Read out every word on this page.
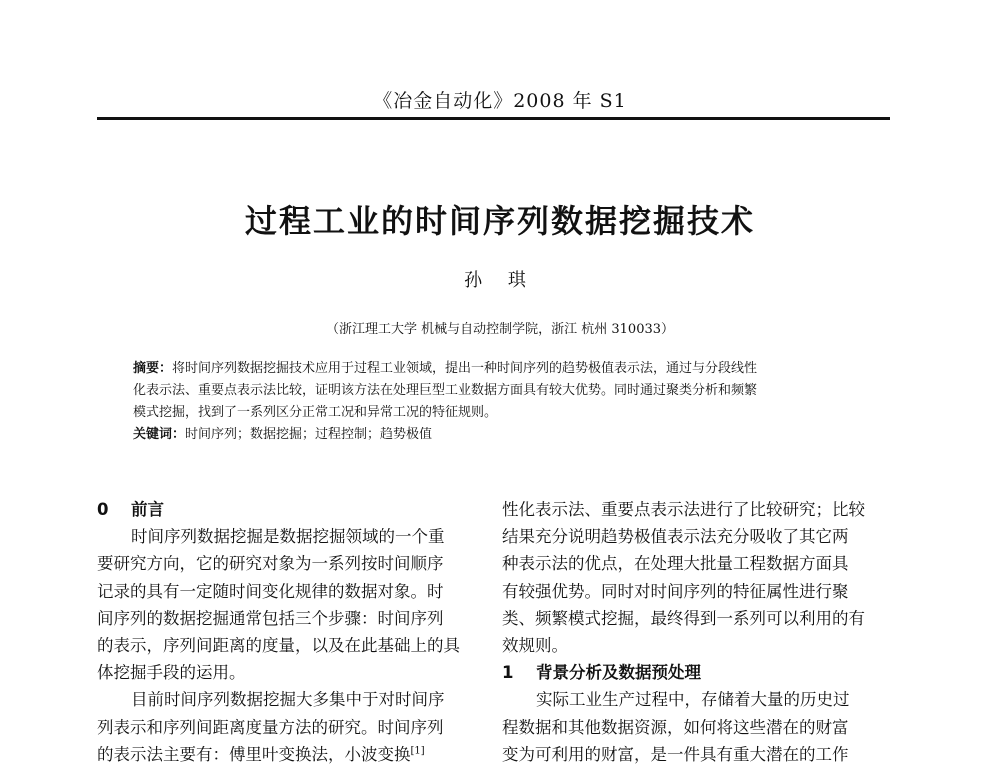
《冶金自动化》2008 年 S1
过程工业的时间序列数据挖掘技术
孙 琪
（浙江理工大学 机械与自动控制学院，浙江 杭州 310033）
摘要：将时间序列数据挖掘技术应用于过程工业领域，提出一种时间序列的趋势极值表示法，通过与分段线性
化表示法、重要点表示法比较，证明该方法在处理巨型工业数据方面具有较大优势。同时通过聚类分析和频繁
模式挖掘，找到了一系列区分正常工况和异常工况的特征规则。
关键词：时间序列；数据挖掘；过程控制；趋势极值
0 前言
时间序列数据挖掘是数据挖掘领域的一个重
要研究方向，它的研究对象为一系列按时间顺序
记录的具有一定随时间变化规律的数据对象。时
间序列的数据挖掘通常包括三个步骤：时间序列
的表示，序列间距离的度量，以及在此基础上的具
体挖掘手段的运用。
目前时间序列数据挖掘大多集中于对时间序
列表示和序列间距离度量方法的研究。时间序列
的表示法主要有：傅里叶变换法，小波变换[1]
性化表示法、重要点表示法进行了比较研究；比较
结果充分说明趋势极值表示法充分吸收了其它两
种表示法的优点，在处理大批量工程数据方面具
有较强优势。同时对时间序列的特征属性进行聚
类、频繁模式挖掘，最终得到一系列可以利用的有
效规则。
1 背景分析及数据预处理
实际工业生产过程中，存储着大量的历史过
程数据和其他数据资源，如何将这些潜在的财富
变为可利用的财富，是一件具有重大潜在的工作
